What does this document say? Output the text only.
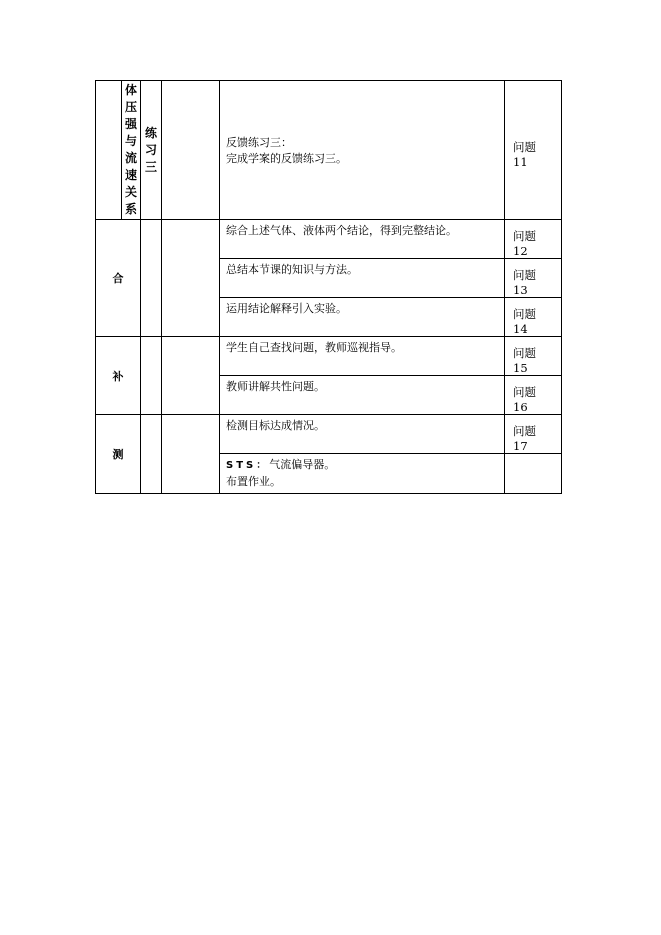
	体压强与流速关系	练习三		反馈练习三：
完成学案的反馈练习三。	问题 11
合				综合上述气体、液体两个结论，得到完整结论。	问题 12

				总结本节课的知识与方法。	问题 13

				运用结论解释引入实验。	问题 14
补				学生自己查找问题，教师巡视指导。	问题 15

				教师讲解共性问题。	问题 16
测				检测目标达成情况。	问题 17

				STS：气流偏导器。
布置作业。	
